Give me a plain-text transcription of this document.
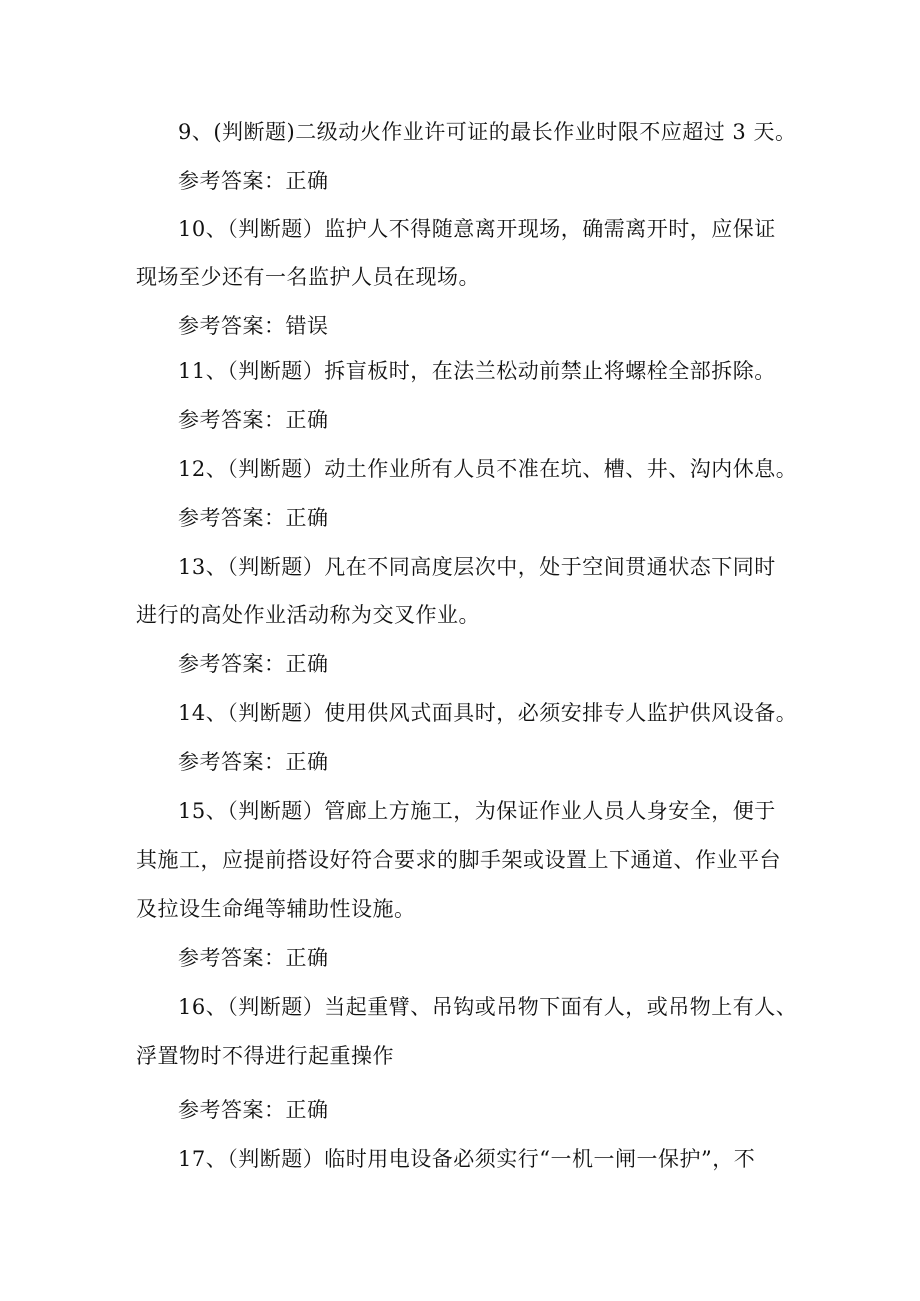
9、(判断题)二级动火作业许可证的最长作业时限不应超过 3 天。
参考答案：正确
10、（判断题）监护人不得随意离开现场，确需离开时，应保证
现场至少还有一名监护人员在现场。
参考答案：错误
11、（判断题）拆盲板时，在法兰松动前禁止将螺栓全部拆除。
参考答案：正确
12、（判断题）动土作业所有人员不准在坑、槽、井、沟内休息。
参考答案：正确
13、（判断题）凡在不同高度层次中，处于空间贯通状态下同时
进行的高处作业活动称为交叉作业。
参考答案：正确
14、（判断题）使用供风式面具时，必须安排专人监护供风设备。
参考答案：正确
15、（判断题）管廊上方施工，为保证作业人员人身安全，便于
其施工，应提前搭设好符合要求的脚手架或设置上下通道、作业平台
及拉设生命绳等辅助性设施。
参考答案：正确
16、（判断题）当起重臂、吊钩或吊物下面有人，或吊物上有人、
浮置物时不得进行起重操作
参考答案：正确
17、（判断题）临时用电设备必须实行“一机一闸一保护”，不
